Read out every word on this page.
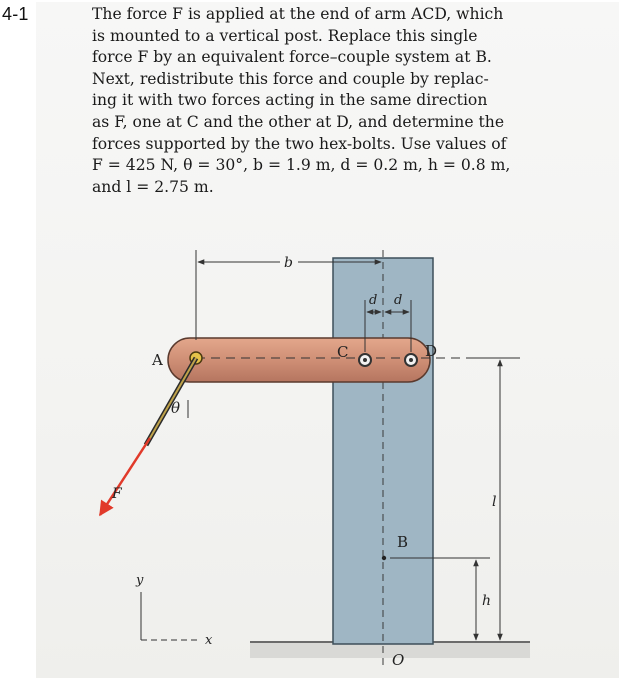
4-1	The force F is applied at the end of arm ACD, which
is mounted to a vertical post. Replace this single
force F by an equivalent force–couple system at B.
Next, redistribute this force and couple by replac-
ing it with two forces acting in the same direction
as F, one at C and the other at D, and determine the
forces supported by the two hex-bolts. Use values of
F = 425 N, θ = 30°, b = 1.9 m, d = 0.2 m, h = 0.8 m,
and l = 2.75 m.
A	C	D
B
O
F
θ
b
d d
l
h
x
y
